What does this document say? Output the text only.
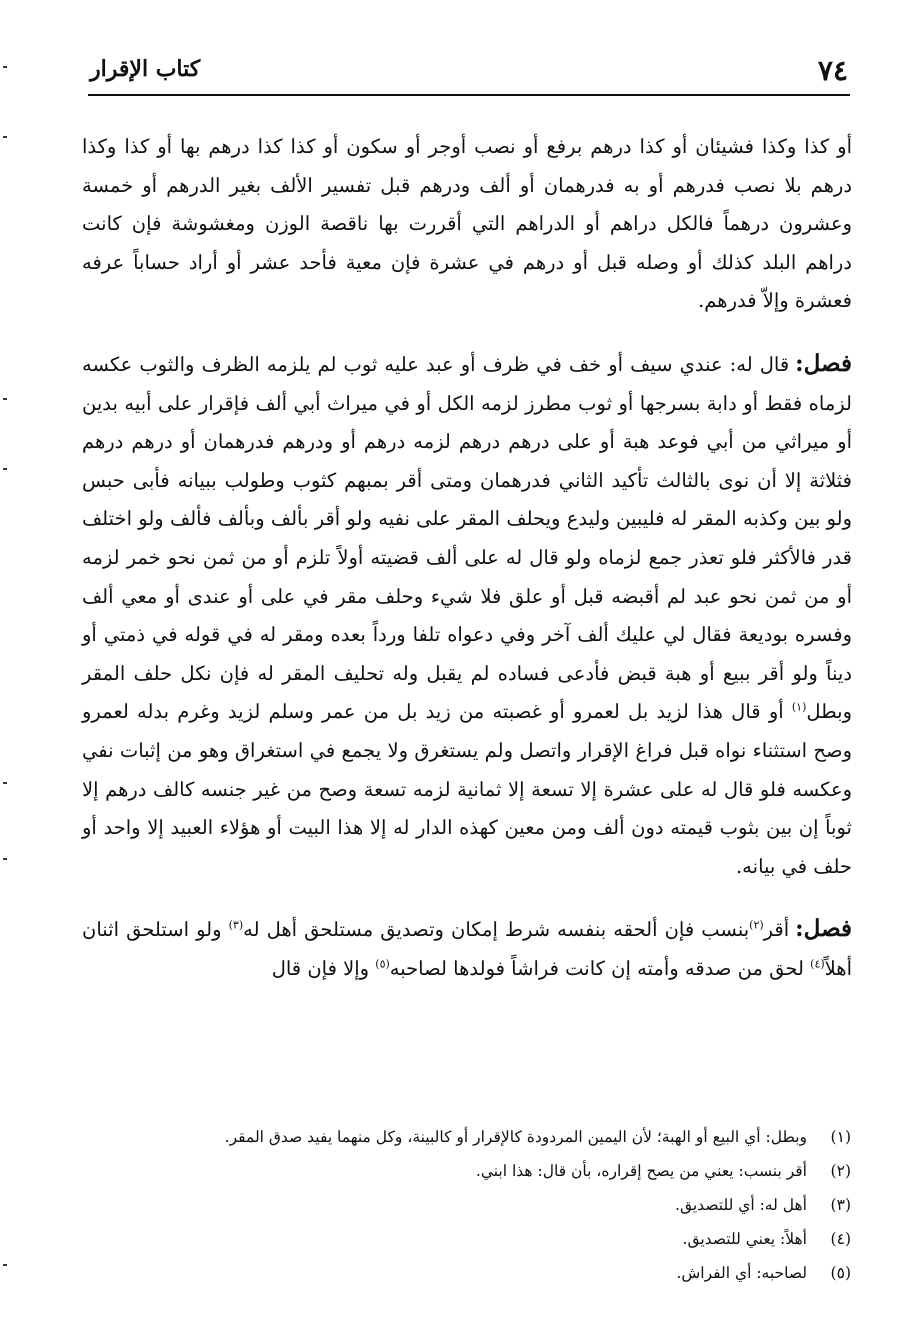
٧٤
كتاب الإقرار

أو كذا وكذا فشيئان أو كذا درهم برفع أو نصب أوجر أو سكون أو كذا كذا درهم بها أو كذا وكذا درهم بلا نصب فدرهم أو به فدرهمان أو ألف ودرهم قبل تفسير الألف بغير الدرهم أو خمسة وعشرون درهماً فالكل دراهم أو الدراهم التي أقررت بها ناقصة الوزن ومغشوشة فإن كانت دراهم البلد كذلك أو وصله قبل أو درهم في عشرة فإن معية فأحد عشر أو أراد حساباً عرفه فعشرة وإلاّ فدرهم.

فصل:قال له: عندي سيف أو خف في ظرف أو عبد عليه ثوب لم يلزمه الظرف والثوب عكسه لزماه فقط أو دابة بسرجها أو ثوب مطرز لزمه الكل أو في ميراث أبي ألف فإقرار على أبيه بدين أو ميراثي من أبي فوعد هبة أو على درهم درهم لزمه درهم أو ودرهم فدرهمان أو درهم درهم فثلاثة إلا أن نوى بالثالث تأكيد الثاني فدرهمان ومتى أقر بمبهم كثوب وطولب ببيانه فأبى حبس ولو بين وكذبه المقر له فليبين وليدع ويحلف المقر على نفيه ولو أقر بألف وبألف فألف ولو اختلف قدر فالأكثر فلو تعذر جمع لزماه ولو قال له على ألف قضيته أولاً تلزم أو من ثمن نحو خمر لزمه أو من ثمن نحو عبد لم أقبضه قبل أو علق فلا شيء وحلف مقر في على أو عندى أو معي ألف وفسره بوديعة فقال لي عليك ألف آخر وفي دعواه تلفا ورداً بعده ومقر له في قوله في ذمتي أو ديناً ولو أقر ببيع أو هبة قبض فأدعى فساده لم يقبل وله تحليف المقر له فإن نكل حلف المقر وبطل$^{(١)}$ أو قال هذا لزيد بل لعمرو أو غصبته من زيد بل من عمر وسلم لزيد وغرم بدله لعمرو وصح استثناء نواه قبل فراغ الإقرار واتصل ولم يستغرق ولا يجمع في استغراق وهو من إثبات نفي وعكسه فلو قال له على عشرة إلا تسعة إلا ثمانية لزمه تسعة وصح من غير جنسه كالف درهم إلا ثوباً إن بين بثوب قيمته دون ألف ومن معين كهذه الدار له إلا هذا البيت أو هؤلاء العبيد إلا واحد أو حلف في بيانه.

فصل:أقر$^{(٢)}$بنسب فإن ألحقه بنفسه شرط إمكان وتصديق مستلحق أهل له$^{(٣)}$ ولو استلحق اثنان أهلاً$^{(٤)}$ لحق من صدقه وأمته إن كانت فراشاً فولدها لصاحبه$^{(٥)}$ وإلا فإن قال

(١)
وبطل: أي البيع أو الهبة؛ لأن اليمين المردودة كالإقرار أو كالبينة، وكل منهما يفيد صدق المقر.
(٢)
أقر بنسب: يعني من يصح إقراره، بأن قال: هذا ابني.
(٣)
أهل له: أي للتصديق.
(٤)
أهلاً: يعني للتصديق.
(٥)
لصاحبه: أي الفراش.
